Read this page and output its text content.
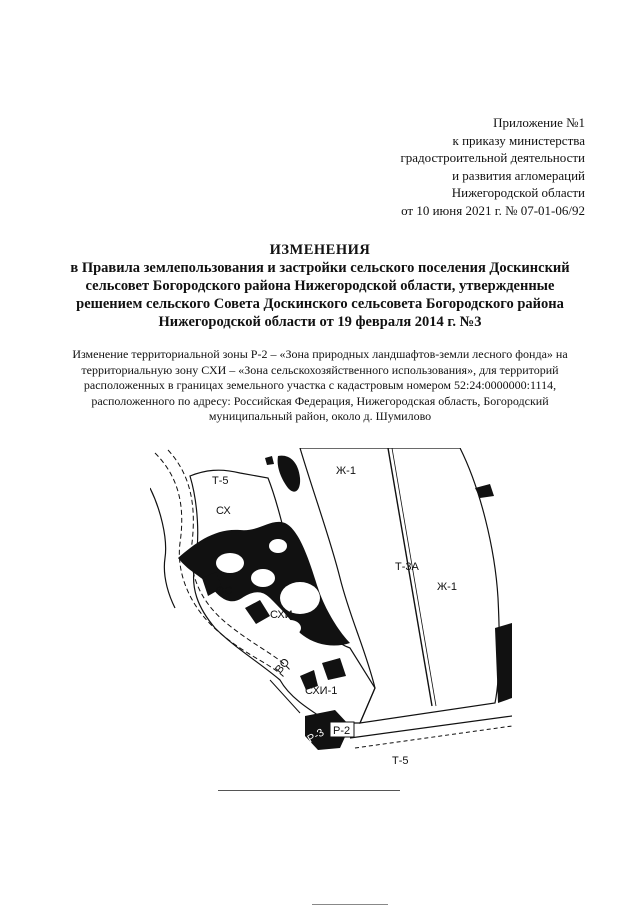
Приложение №1
к приказу министерства
градостроительной деятельности
и развития агломераций
Нижегородской области
от 10 июня 2021 г. № 07-01-06/92
ИЗМЕНЕНИЯ
в Правила землепользования и застройки сельского поселения Доскинский
сельсовет Богородского района Нижегородской области, утвержденные
решением сельского Совета Доскинского сельсовета Богородского района
Нижегородской области от 19 февраля 2014 г. №3
Изменение территориальной зоны Р-2 – «Зона природных ландшафтов-земли лесного фонда» на
территориальную зону СХИ – «Зона сельскохозяйственного использования», для территорий
расположенных в границах земельного участка с кадастровым номером 52:24:0000000:1114,
расположенного по адресу: Российская Федерация, Нижегородская область, Богородский
муниципальный район, около д. Шумилово
Т-5
Ж-1
СХ
Т-3А
Ж-1
ОС
СХИ
ВО
СХИ-1
Р-2
Р-3
Т-5
